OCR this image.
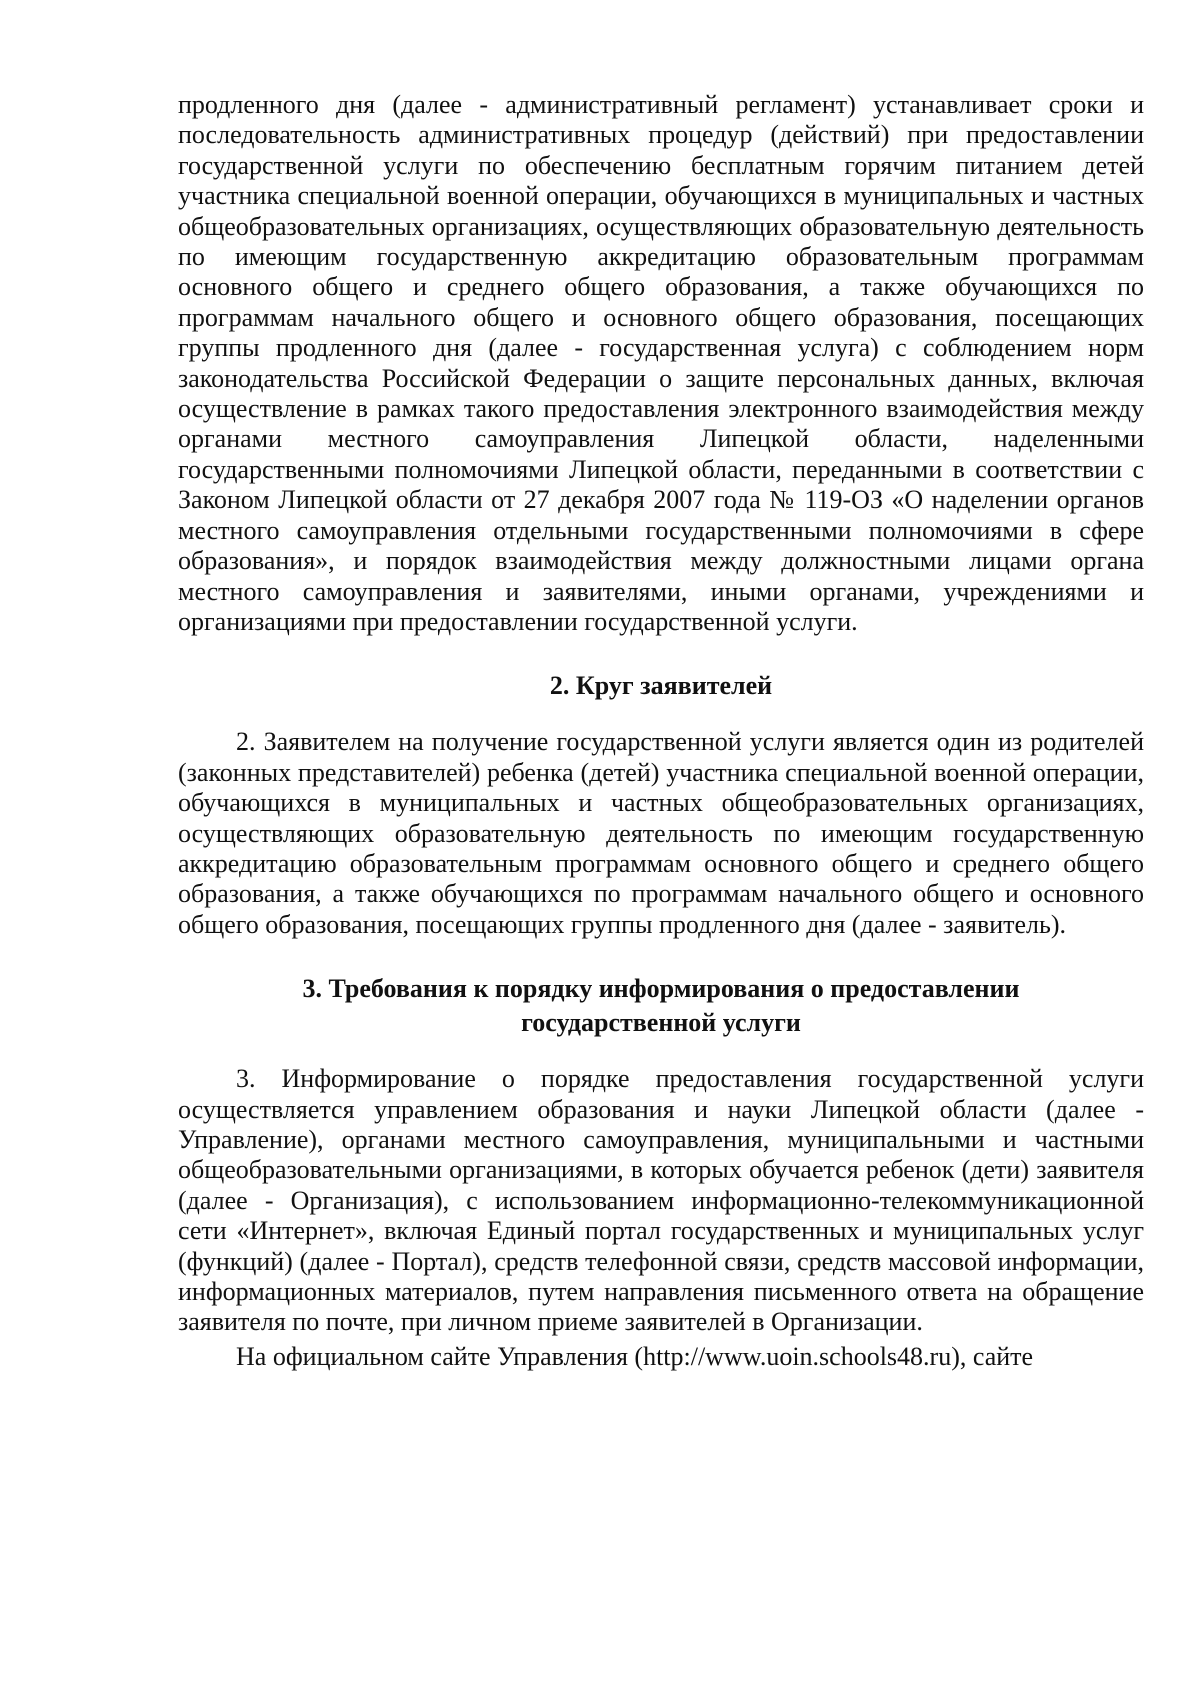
продленного дня (далее - административный регламент) устанавливает сроки и последовательность административных процедур (действий) при предоставлении государственной услуги по обеспечению бесплатным горячим питанием детей участника специальной военной операции, обучающихся в муниципальных и частных общеобразовательных организациях, осуществляющих образовательную деятельность по имеющим государственную аккредитацию образовательным программам основного общего и среднего общего образования, а также обучающихся по программам начального общего и основного общего образования, посещающих группы продленного дня (далее - государственная услуга) с соблюдением норм законодательства Российской Федерации о защите персональных данных, включая осуществление в рамках такого предоставления электронного взаимодействия между органами местного самоуправления Липецкой области, наделенными государственными полномочиями Липецкой области, переданными в соответствии с Законом Липецкой области от 27 декабря 2007 года № 119-ОЗ «О наделении органов местного самоуправления отдельными государственными полномочиями в сфере образования», и порядок взаимодействия между должностными лицами органа местного самоуправления и заявителями, иными органами, учреждениями и организациями при предоставлении государственной услуги.

2. Круг заявителей

2. Заявителем на получение государственной услуги является один из родителей (законных представителей) ребенка (детей) участника специальной военной операции, обучающихся в муниципальных и частных общеобразовательных организациях, осуществляющих образовательную деятельность по имеющим государственную аккредитацию образовательным программам основного общего и среднего общего образования, а также обучающихся по программам начального общего и основного общего образования, посещающих группы продленного дня (далее - заявитель).

3. Требования к порядку информирования о предоставлении
государственной услуги

3. Информирование о порядке предоставления государственной услуги осуществляется управлением образования и науки Липецкой области (далее - Управление), органами местного самоуправления, муниципальными и частными общеобразовательными организациями, в которых обучается ребенок (дети) заявителя (далее - Организация), с использованием информационно-телекоммуникационной сети «Интернет», включая Единый портал государственных и муниципальных услуг (функций) (далее - Портал), средств телефонной связи, средств массовой информации, информационных материалов, путем направления письменного ответа на обращение заявителя по почте, при личном приеме заявителей в Организации.

На официальном сайте Управления (http://www.uoin.schools48.ru), сайте
